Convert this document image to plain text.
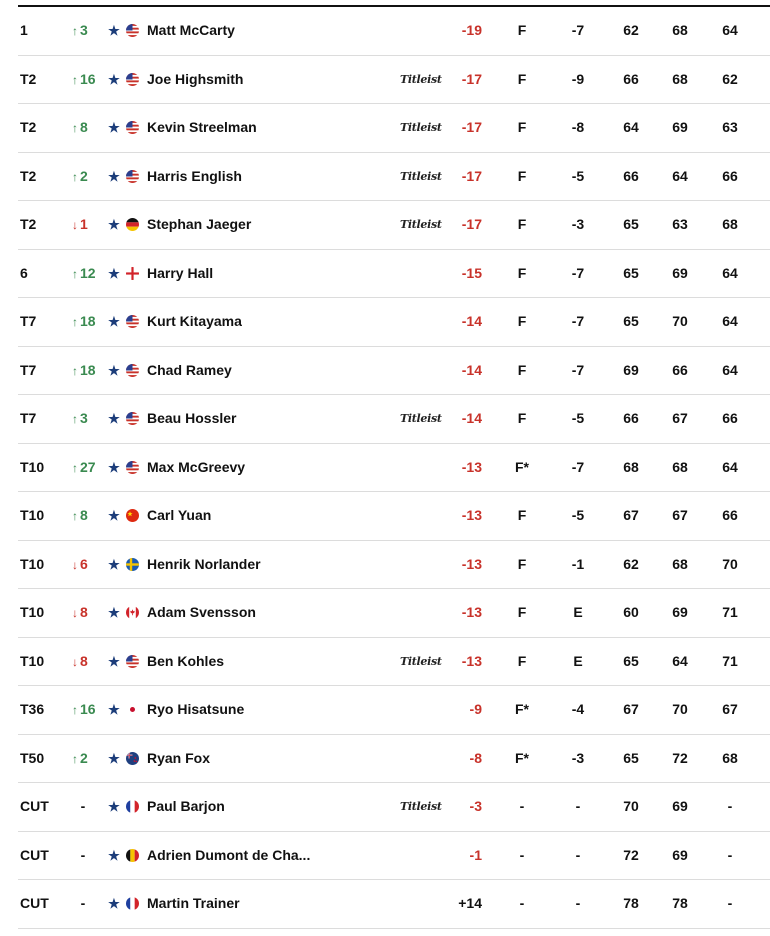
1	↑ 3	★ Matt McCarty	-19	F	-7	62	68	64
T2	↑ 16 ★ Joe Highsmith	Titleist	-17	F	-9	66	68	62
T2	↑ 8	★ Kevin Streelman	Titleist	-17	F	-8	64	69	63
T2	↑ 2	★ Harris English	Titleist	-17	F	-5	66	64	66
T2	↓ 1	★ Stephan Jaeger	Titleist	-17	F	-3	65	63	68
6	↑ 12 ★ Harry Hall	-15	F	-7	65	69	64
T7	↑ 18 ★ Kurt Kitayama	-14	F	-7	65	70	64
T7	↑ 18 ★ Chad Ramey	-14	F	-7	69	66	64
T7	↑ 3	★ Beau Hossler	Titleist	-14	F	-5	66	67	66
T10	↑ 27 ★ Max McGreevy	-13	F*	-7	68	68	64
T10	↑ 8	★ Carl Yuan	-13	F	-5	67	67	66
T10	↓ 6	★ Henrik Norlander	-13	F	-1	62	68	70
T10	↓ 8	★ Adam Svensson	-13	F	E	60	69	71
T10	↓ 8	★ Ben Kohles	Titleist	-13	F	E	65	64	71
T36	↑ 16 ★ Ryo Hisatsune	-9	F*	-4	67	70	67
T50	↑ 2	★ Ryan Fox	-8	F*	-3	65	72	68
CUT	- ★ Paul Barjon	Titleist	-3	-	-	70	69	-
CUT	- ★ Adrien Dumont de Cha...	-1	-	-	72	69	-
CUT	- ★ Martin Trainer	+14	-	-	78	78	-
